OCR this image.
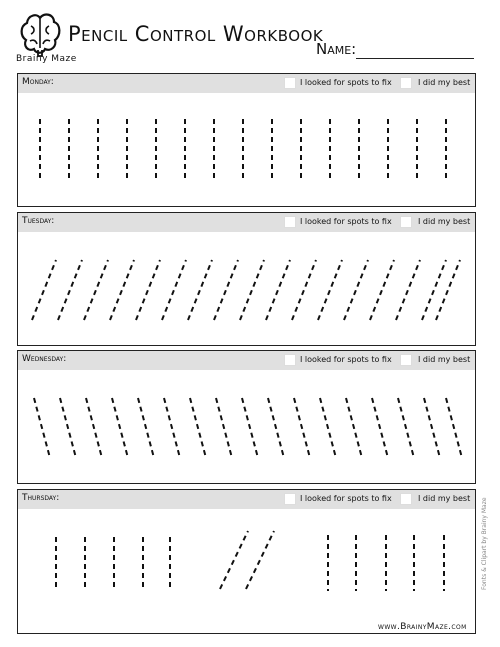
Brainy Maze
Pencil Control Workbook
Name:
Monday:	I looked for spots to fix	I did my best
Tuesday:	I looked for spots to fix	I did my best
Wednesday:	I looked for spots to fix	I did my best
Thursday:	I looked for spots to fix	I did my best Fonts & Clipart by Brainy Maze
www.BrainyMaze.com
